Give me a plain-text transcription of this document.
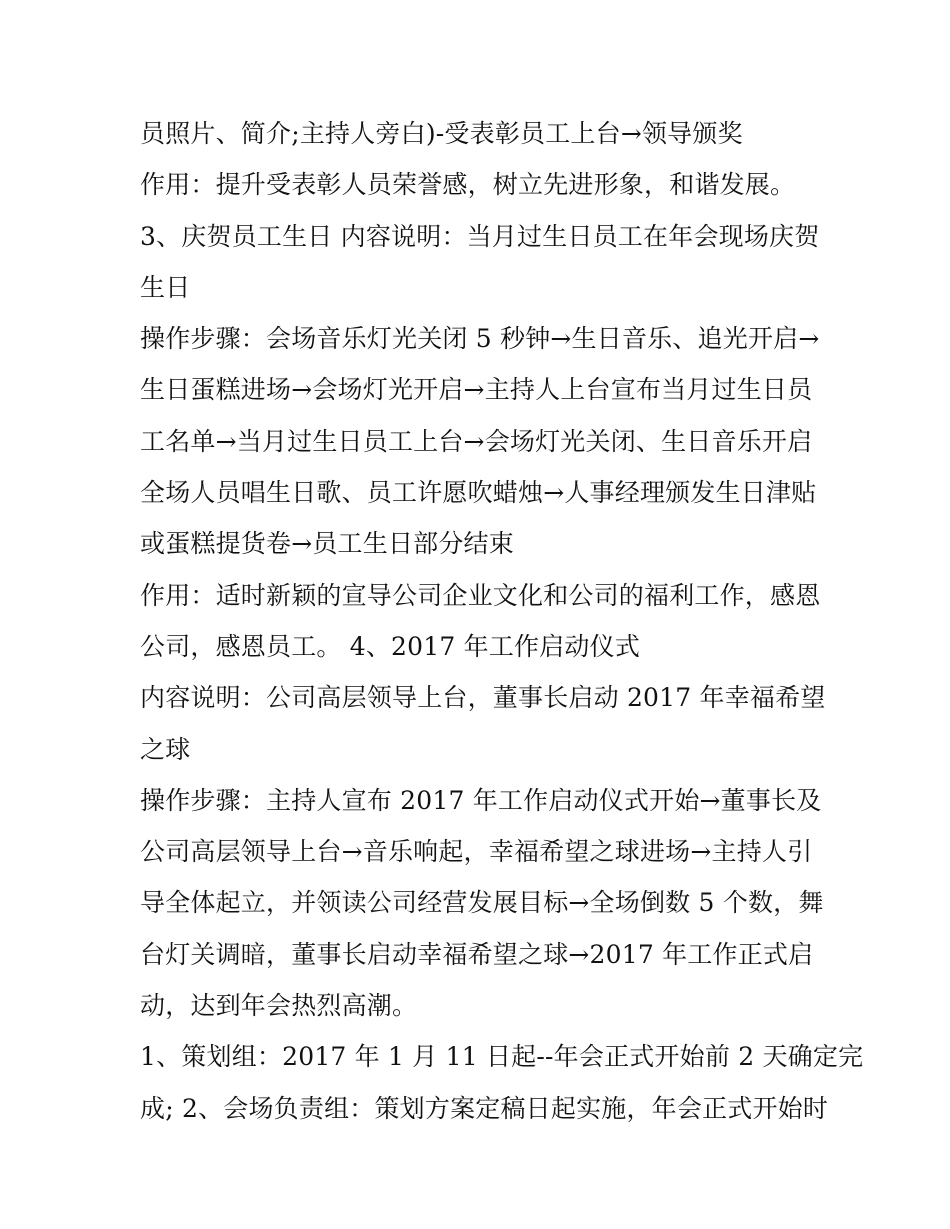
员照片、简介;主持人旁白)-受表彰员工上台→领导颁奖
作用：提升受表彰人员荣誉感，树立先进形象，和谐发展。
3、庆贺员工生日 内容说明：当月过生日员工在年会现场庆贺
生日
操作步骤：会场音乐灯光关闭 5 秒钟→生日音乐、追光开启→
生日蛋糕进场→会场灯光开启→主持人上台宣布当月过生日员
工名单→当月过生日员工上台→会场灯光关闭、生日音乐开启
全场人员唱生日歌、员工许愿吹蜡烛→人事经理颁发生日津贴
或蛋糕提货卷→员工生日部分结束
作用：适时新颖的宣导公司企业文化和公司的福利工作，感恩
公司，感恩员工。 4、2017 年工作启动仪式
内容说明：公司高层领导上台，董事长启动 2017 年幸福希望
之球
操作步骤：主持人宣布 2017 年工作启动仪式开始→董事长及
公司高层领导上台→音乐响起，幸福希望之球进场→主持人引
导全体起立，并领读公司经营发展目标→全场倒数 5 个数，舞
台灯关调暗，董事长启动幸福希望之球→2017 年工作正式启
动，达到年会热烈高潮。
1、策划组：2017 年 1 月 11 日起--年会正式开始前 2 天确定完
成; 2、会场负责组：策划方案定稿日起实施，年会正式开始时
